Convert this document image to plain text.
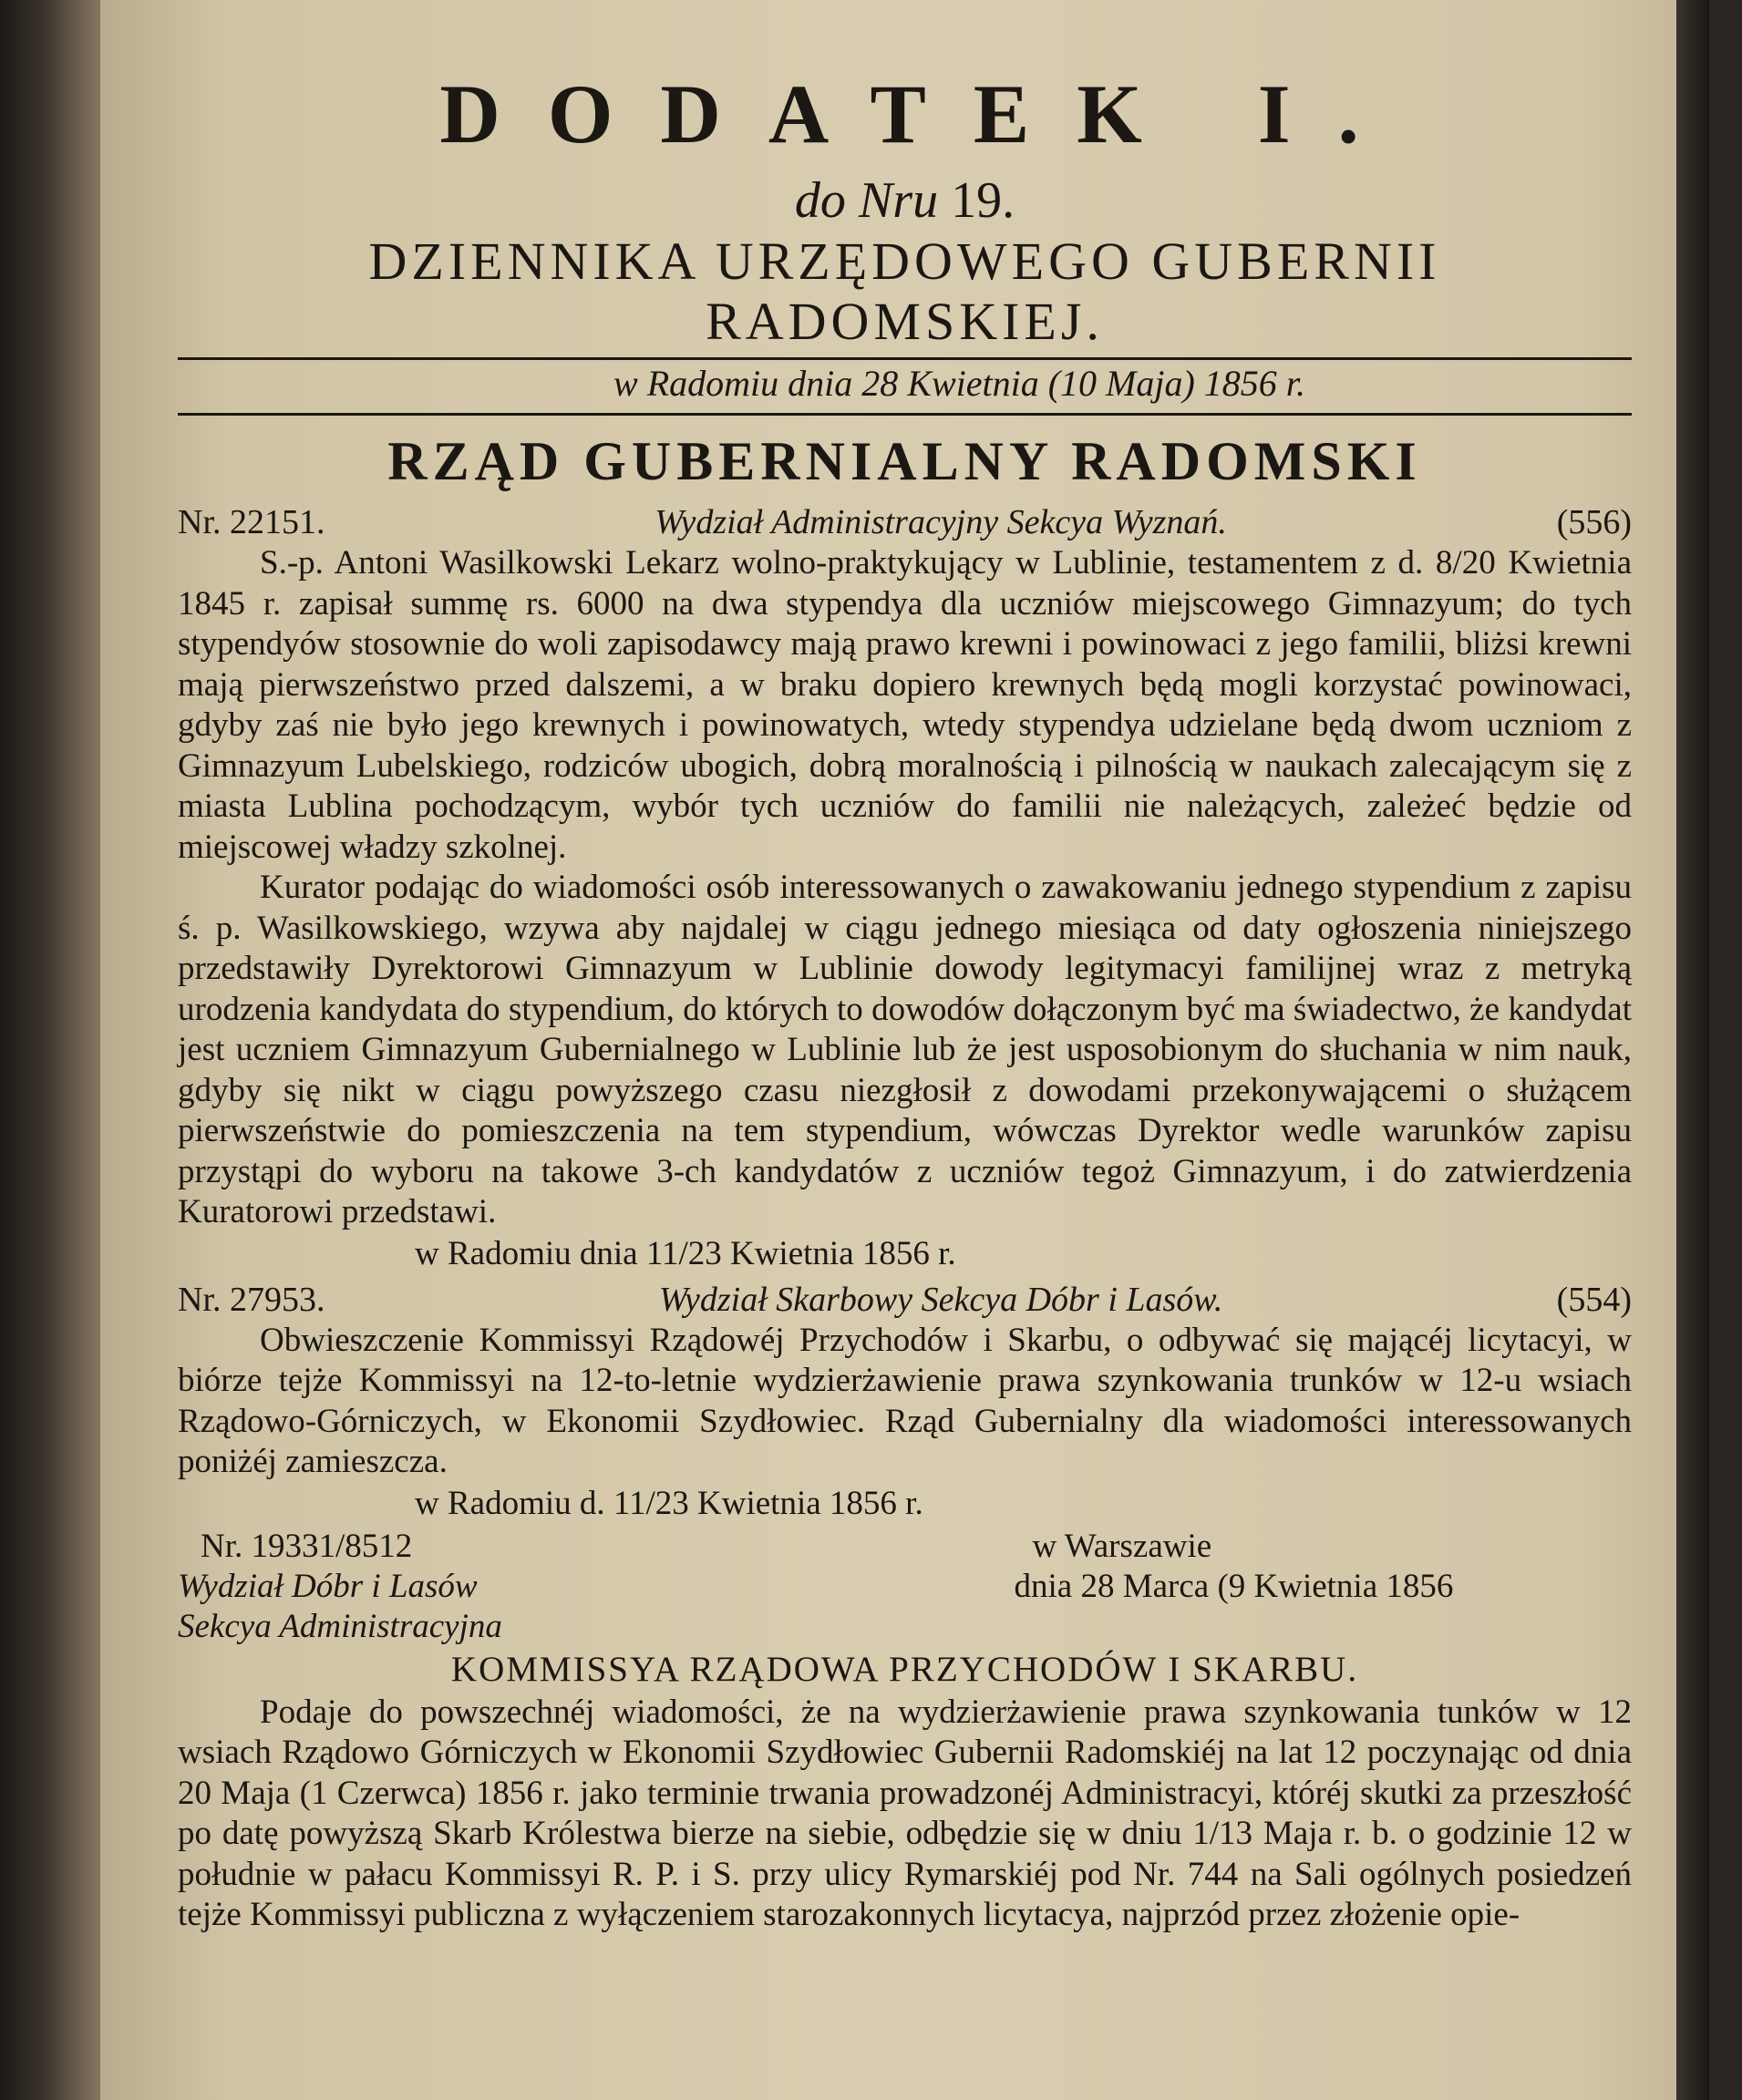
DODATEK I.
do Nru 19.
DZIENNIKA URZĘDOWEGO GUBERNII RADOMSKIEJ.
w Radomiu dnia 28 Kwietnia (10 Maja) 1856 r.
RZĄD GUBERNIALNY RADOMSKI
Nr. 22151.	Wydział Administracyjny Sekcya Wyznań.	(556)

S.-p. Antoni Wasilkowski Lekarz wolno-praktykujący w Lublinie, testamentem z d. 8/20 Kwietnia 1845 r. zapisał summę rs. 6000 na dwa stypendya dla uczniów miejscowego Gimnazyum; do tych stypendyów stosownie do woli zapisodawcy mają prawo krewni i powinowaci z jego familii, bliżsi krewni mają pierwszeństwo przed dalszemi, a w braku dopiero krewnych będą mogli korzystać powinowaci, gdyby zaś nie było jego krewnych i powinowatych, wtedy stypendya udzielane będą dwom uczniom z Gimnazyum Lubelskiego, rodziców ubogich, dobrą moralnością i pilnością w naukach zalecającym się z miasta Lublina pochodzącym, wybór tych uczniów do familii nie należących, zależeć będzie od miejscowej władzy szkolnej.

Kurator podając do wiadomości osób interessowanych o zawakowaniu jednego stypendium z zapisu ś. p. Wasilkowskiego, wzywa aby najdalej w ciągu jednego miesiąca od daty ogłoszenia niniejszego przedstawiły Dyrektorowi Gimnazyum w Lublinie dowody legitymacyi familijnej wraz z metryką urodzenia kandydata do stypendium, do których to dowodów dołączonym być ma świadectwo, że kandydat jest uczniem Gimnazyum Gubernialnego w Lublinie lub że jest usposobionym do słuchania w nim nauk, gdyby się nikt w ciągu powyższego czasu niezgłosił z dowodami przekonywającemi o służącem pierwszeństwie do pomieszczenia na tem stypendium, wówczas Dyrektor wedle warunków zapisu przystąpi do wyboru na takowe 3-ch kandydatów z uczniów tegoż Gimnazyum, i do zatwierdzenia Kuratorowi przedstawi.

w Radomiu dnia 11/23 Kwietnia 1856 r.
Nr. 27953.	Wydział Skarbowy Sekcya Dóbr i Lasów.	(554)

Obwieszczenie Kommissyi Rządowéj Przychodów i Skarbu, o odbywać się mającéj licytacyi, w biórze tejże Kommissyi na 12-to-letnie wydzierżawienie prawa szynkowania trunków w 12-u wsiach Rządowo-Górniczych, w Ekonomii Szydłowiec. Rząd Gubernialny dla wiadomości interessowanych poniżéj zamieszcza.

w Radomiu d. 11/23 Kwietnia 1856 r.
Nr. 19331/8512	w Warszawie
Wydział Dóbr i Lasów	dnia 28 Marca (9 Kwietnia 1856
Sekcya Administracyjna
KOMMISSYA RZĄDOWA PRZYCHODÓW I SKARBU.

Podaje do powszechnéj wiadomości, że na wydzierżawienie prawa szynkowania tunków w 12 wsiach Rządowo Górniczych w Ekonomii Szydłowiec Gubernii Radomskiéj na lat 12 poczynając od dnia 20 Maja (1 Czerwca) 1856 r. jako terminie trwania prowadzonéj Administracyi, któréj skutki za przeszłość po datę powyższą Skarb Królestwa bierze na siebie, odbędzie się w dniu 1/13 Maja r. b. o godzinie 12 w południe w pałacu Kommissyi R. P. i S. przy ulicy Rymarskiéj pod Nr. 744 na Sali ogólnych posiedzeń tejże Kommissyi publiczna z wyłączeniem starozakonnych licytacya, najprzód przez złożenie opie-
